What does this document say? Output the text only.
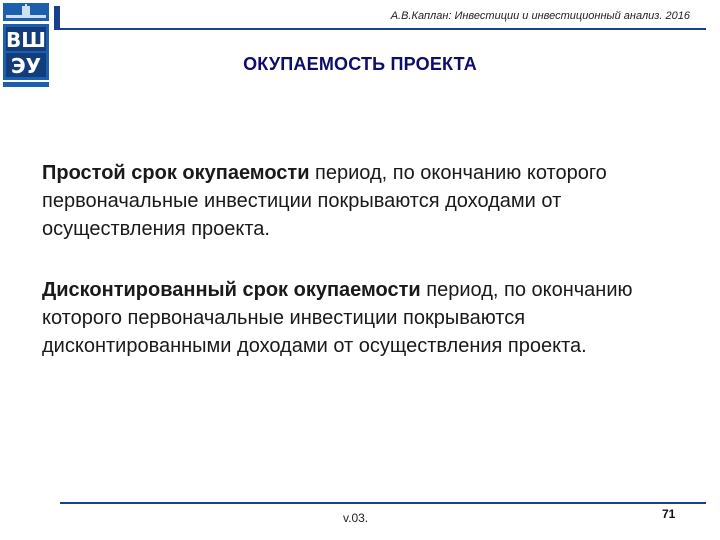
ВШ
ЭУ
А.В.Каплан: Инвестиции и инвестиционный анализ. 2016
ОКУПАЕМОСТЬ ПРОЕКТА
Простой срок окупаемости период, по окончанию которого первоначальные инвестиции покрываются доходами от осуществления проекта.
Дисконтированный срок окупаемости период, по окончанию которого первоначальные инвестиции покрываются дисконтированными доходами от осуществления проекта.
v.03.	71
